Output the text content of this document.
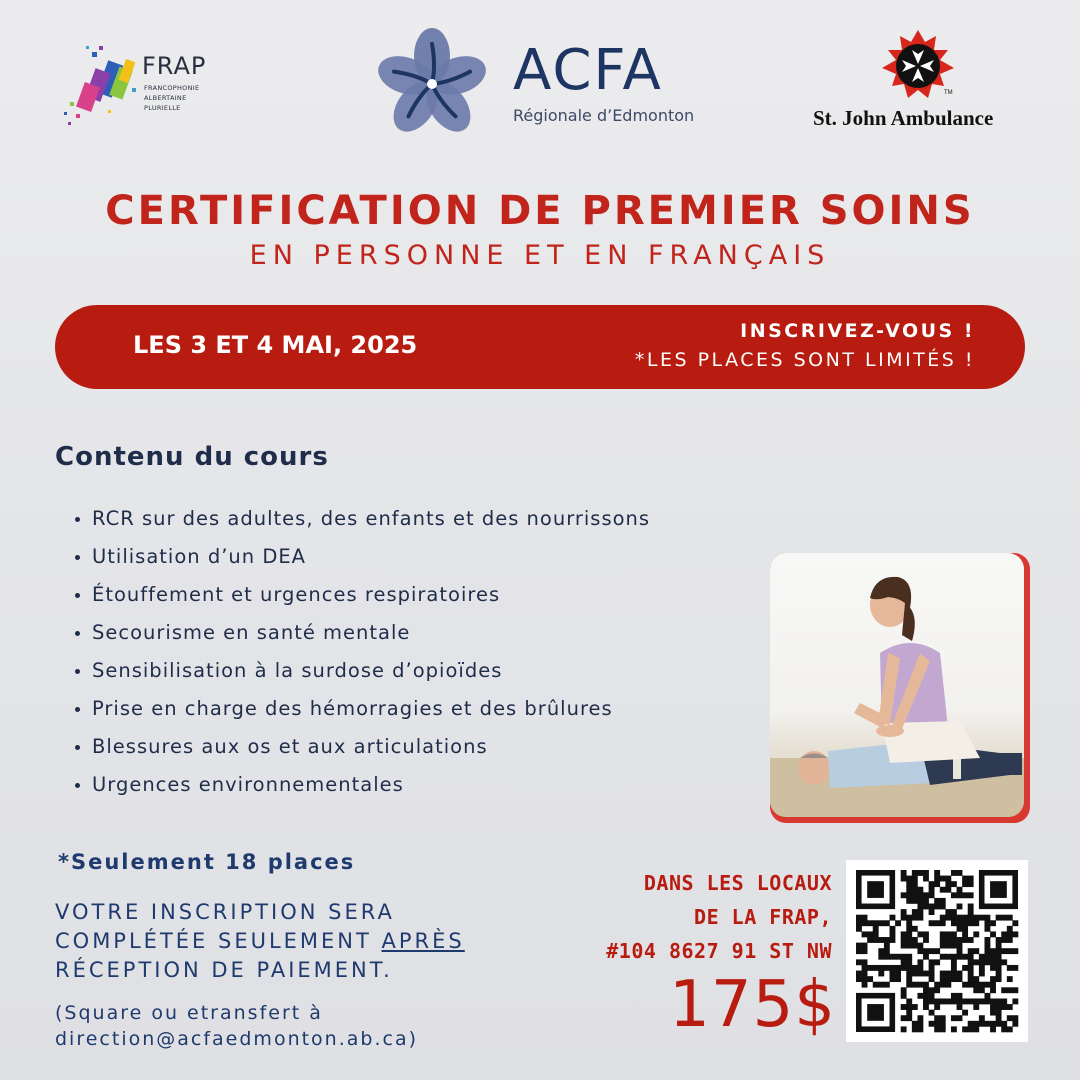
FRAP
FRANCOPHONIE
ALBERTAINE
PLURIELLE
ACFA
Régionale d’Edmonton
TM
St. John Ambulance
CERTIFICATION DE PREMIER SOINS
EN PERSONNE ET EN FRANÇAIS
LES 3 ET 4 MAI, 2025	INSCRIVEZ-VOUS !
*LES PLACES SONT LIMITÉS !
Contenu du cours
RCR sur des adultes, des enfants et des nourrissons
Utilisation d’un DEA
Étouffement et urgences respiratoires
Secourisme en santé mentale
Sensibilisation à la surdose d’opioïdes
Prise en charge des hémorragies et des brûlures
Blessures aux os et aux articulations
Urgences environnementales
*Seulement 18 places
VOTRE INSCRIPTION SERA
COMPLÉTÉE SEULEMENT APRÈS
RÉCEPTION DE PAIEMENT.
(Square ou etransfert à
direction@acfaedmonton.ab.ca)
DANS LES LOCAUX
DE LA FRAP,
#104 8627 91 ST NW
175$
